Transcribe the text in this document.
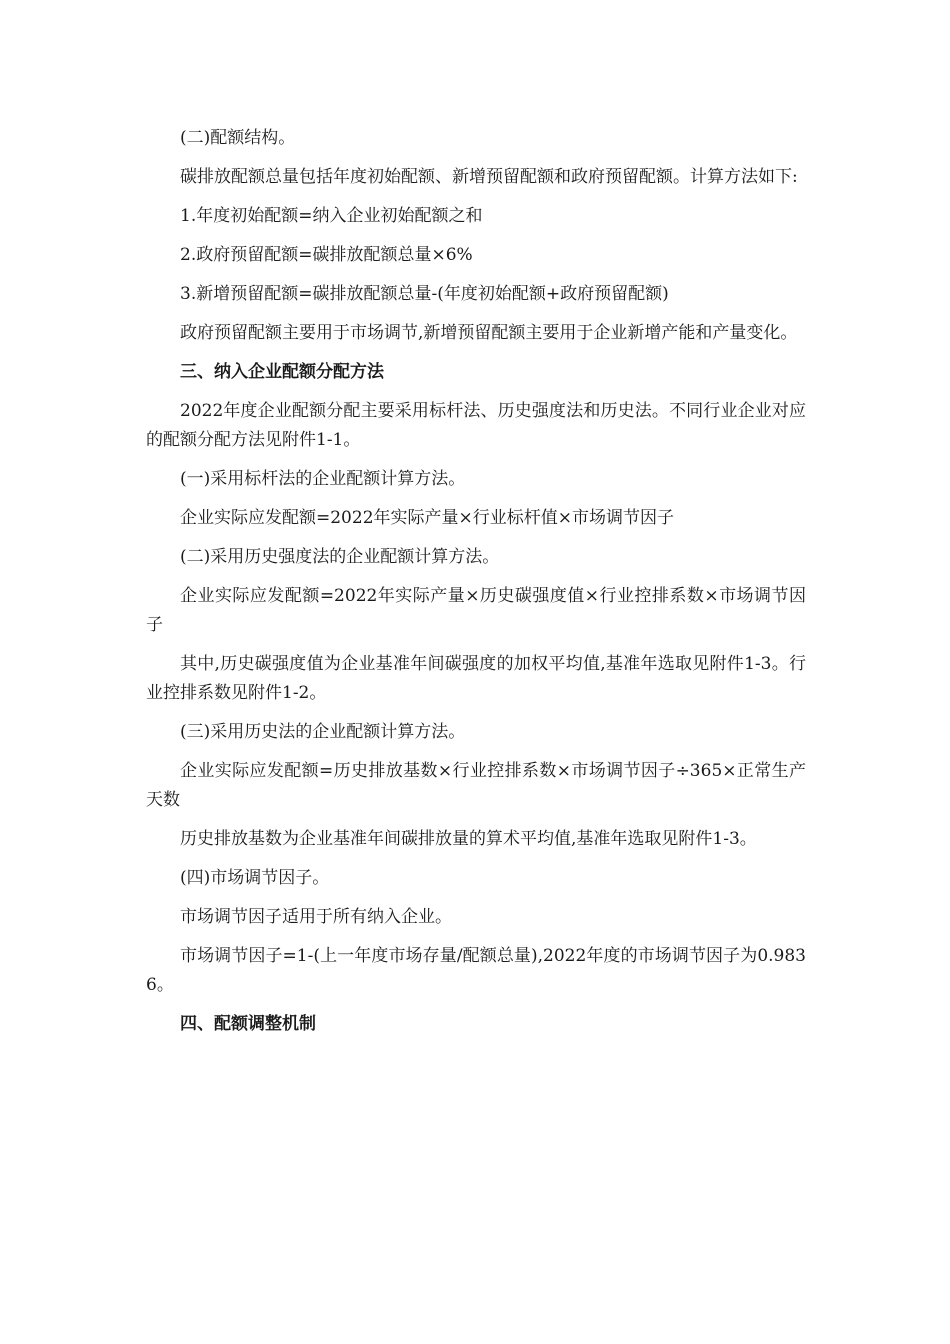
(二)配额结构。

碳排放配额总量包括年度初始配额、新增预留配额和政府预留配额。计算方法如下:

1.年度初始配额=纳入企业初始配额之和

2.政府预留配额=碳排放配额总量×6%

3.新增预留配额=碳排放配额总量-(年度初始配额+政府预留配额)

政府预留配额主要用于市场调节,新增预留配额主要用于企业新增产能和产量变化。

三、纳入企业配额分配方法

2022年度企业配额分配主要采用标杆法、历史强度法和历史法。不同行业企业对应的配额分配方法见附件1-1。

(一)采用标杆法的企业配额计算方法。

企业实际应发配额=2022年实际产量×行业标杆值×市场调节因子

(二)采用历史强度法的企业配额计算方法。

企业实际应发配额=2022年实际产量×历史碳强度值×行业控排系数×市场调节因子

其中,历史碳强度值为企业基准年间碳强度的加权平均值,基准年选取见附件1-3。行业控排系数见附件1-2。

(三)采用历史法的企业配额计算方法。

企业实际应发配额=历史排放基数×行业控排系数×市场调节因子÷365×正常生产天数

历史排放基数为企业基准年间碳排放量的算术平均值,基准年选取见附件1-3。

(四)市场调节因子。

市场调节因子适用于所有纳入企业。

市场调节因子=1-(上一年度市场存量/配额总量),2022年度的市场调节因子为0.9836。

四、配额调整机制
